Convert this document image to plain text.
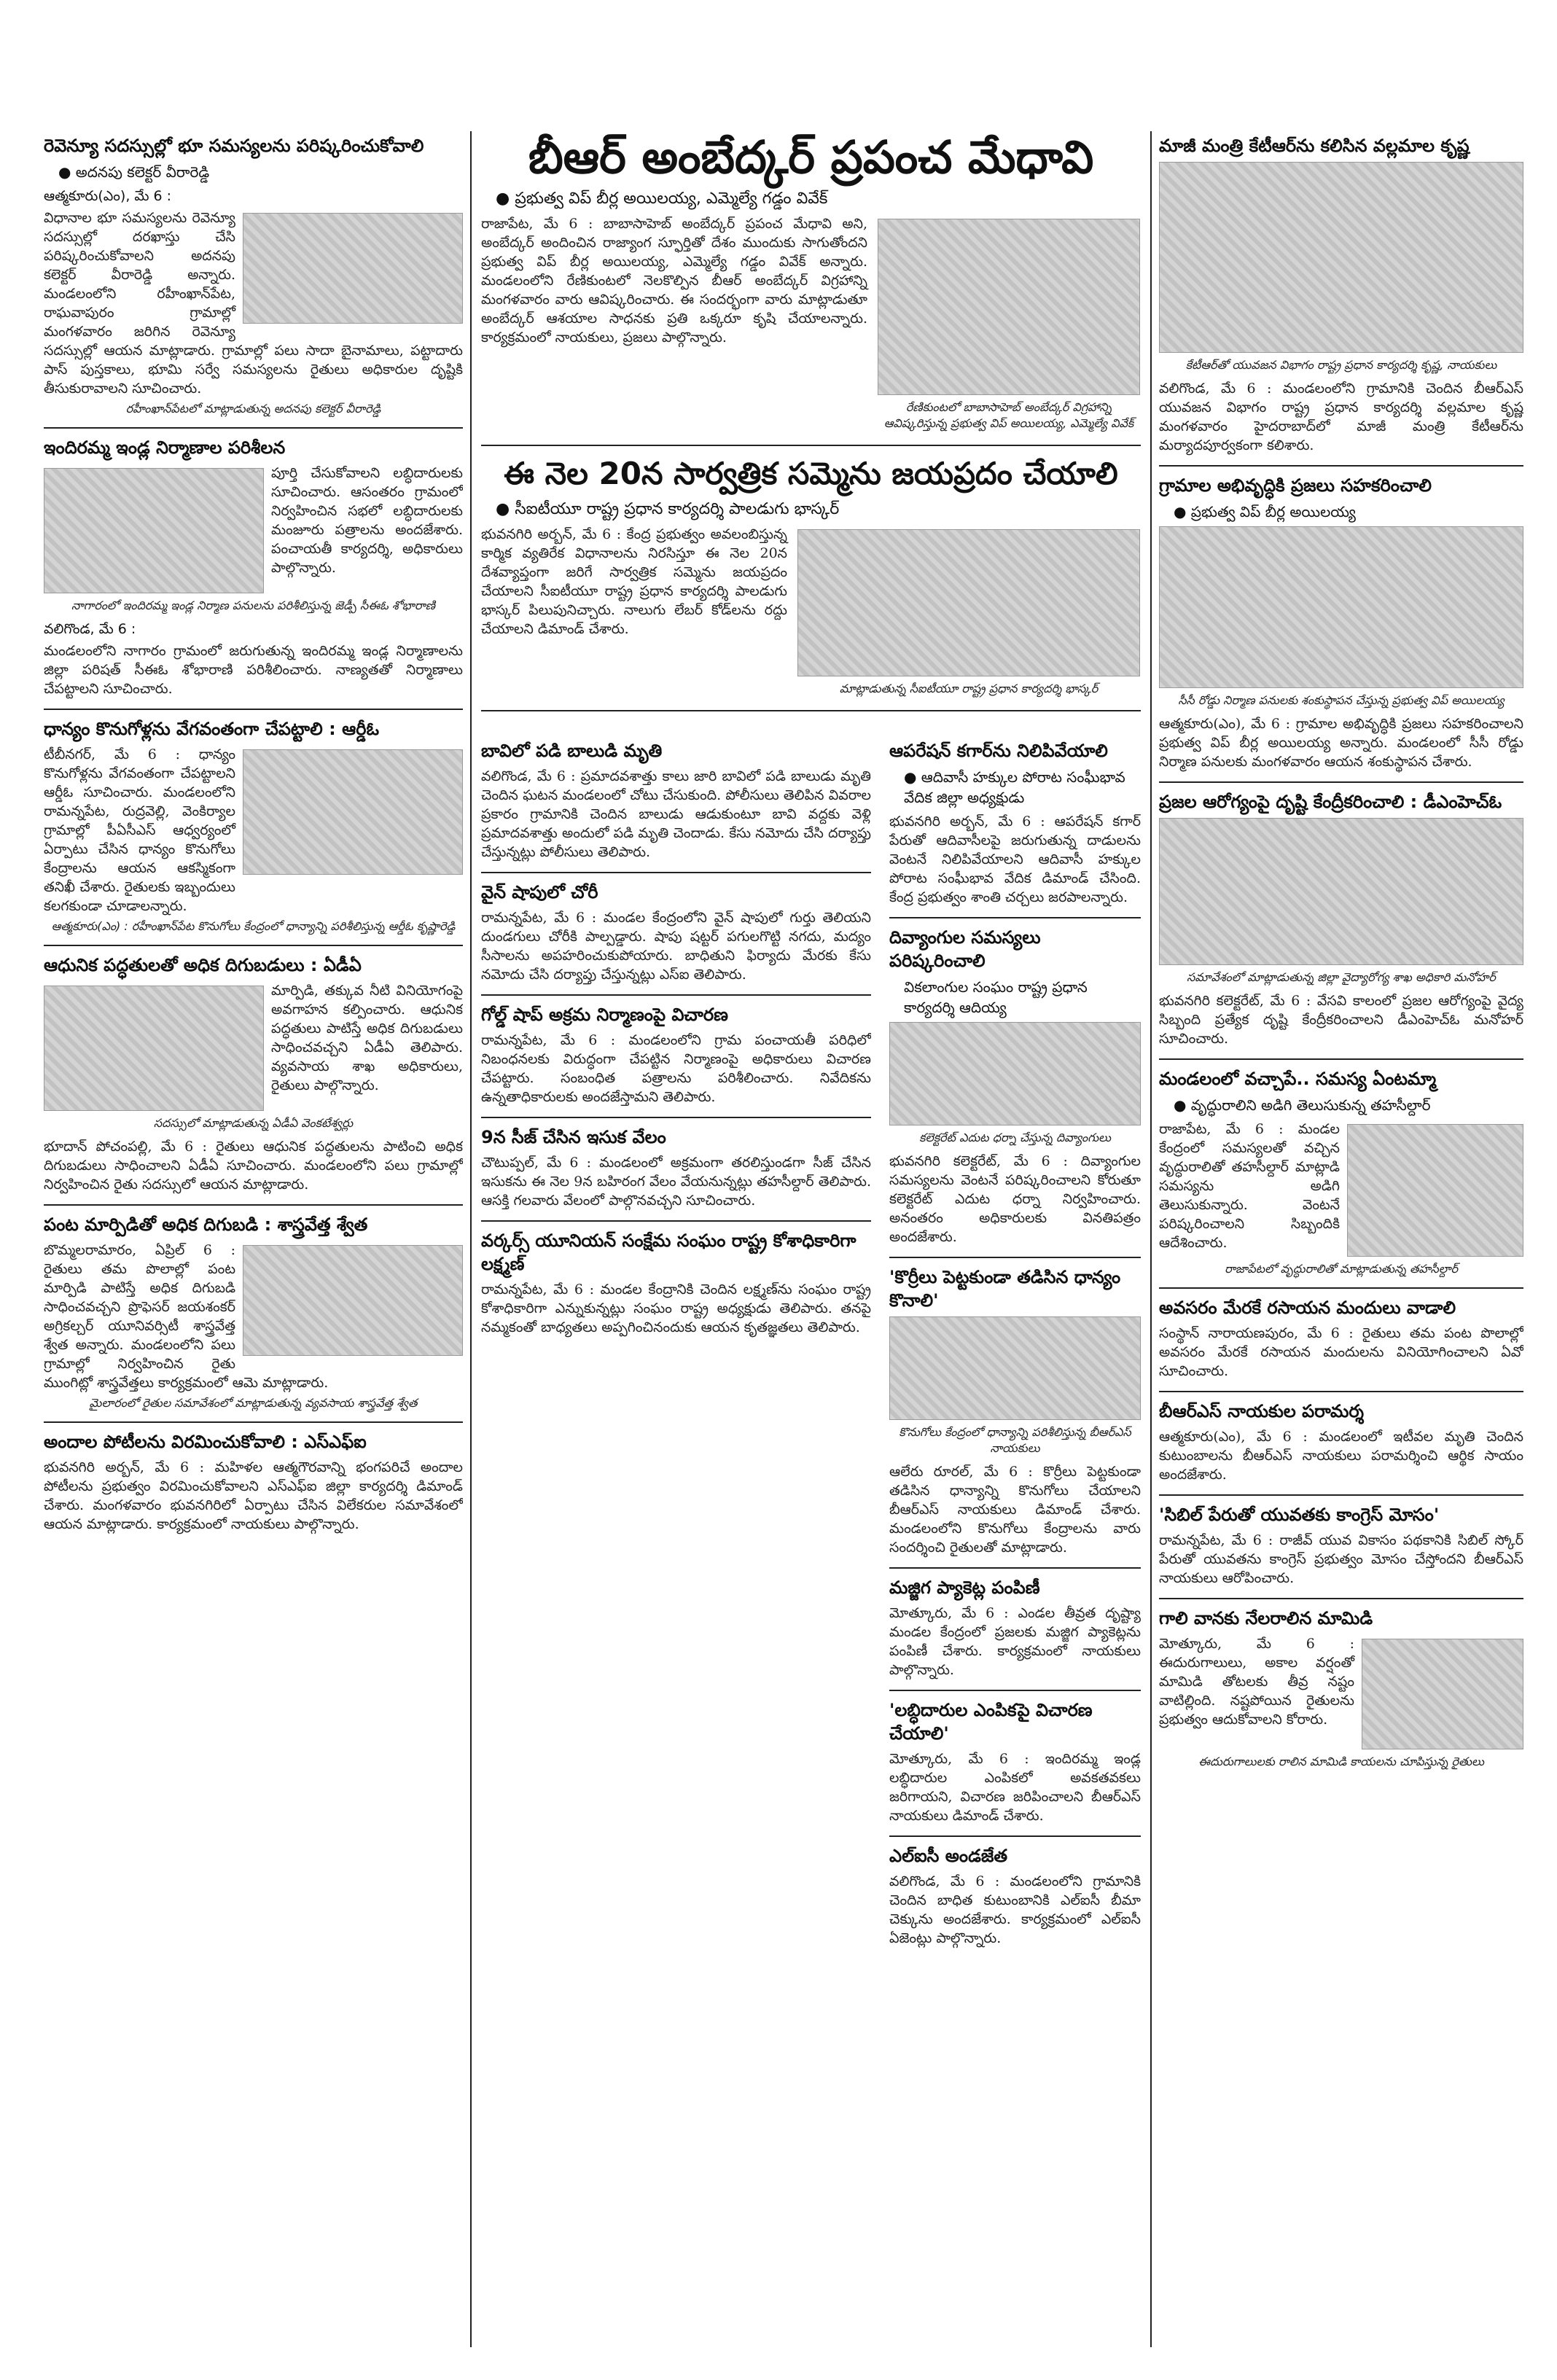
రెవెన్యూ సదస్సుల్లో భూ సమస్యలను పరిష్కరించుకోవాలి
● అదనపు కలెక్టర్ వీరారెడ్డి
ఆత్మకూరు(ఎం), మే 6 :

విధానాల భూ సమస్యలను రెవెన్యూ సదస్సుల్లో దరఖాస్తు చేసి పరిష్కరించుకోవాలని అదనపు కలెక్టర్ వీరారెడ్డి అన్నారు. మండలంలోని రహీంఖాన్‌పేట, రాఘవాపురం గ్రామాల్లో మంగళవారం జరిగిన రెవెన్యూ సదస్సుల్లో ఆయన మాట్లాడారు. గ్రామాల్లో పలు సాదా బైనామాలు, పట్టాదారు పాస్ పుస్తకాలు, భూమి సర్వే సమస్యలను రైతులు అధికారుల దృష్టికి తీసుకురావాలని సూచించారు.

రహీంఖాన్‌పేటలో మాట్లాడుతున్న అదనపు కలెక్టర్ వీరారెడ్డి
ఇందిరమ్మ ఇండ్ల నిర్మాణాల పరిశీలన

పూర్తి చేసుకోవాలని లబ్ధిదారులకు సూచించారు. ఆసంతరం గ్రామంలో నిర్వహించిన సభలో లబ్ధిదారులకు మంజూరు పత్రాలను అందజేశారు. పంచాయతీ కార్యదర్శి, అధికారులు పాల్గొన్నారు.

నాగారంలో ఇందిరమ్మ ఇండ్ల నిర్మాణ పనులను పరిశీలిస్తున్న జెడ్పీ సీఈఓ శోభారాణి
వలిగొండ, మే 6 :

మండలంలోని నాగారం గ్రామంలో జరుగుతున్న ఇందిరమ్మ ఇండ్ల నిర్మాణాలను జిల్లా పరిషత్ సీఈఓ శోభారాణి పరిశీలించారు. నాణ్యతతో నిర్మాణాలు చేపట్టాలని సూచించారు.

ధాన్యం కొనుగోళ్లను వేగవంతంగా చేపట్టాలి : ఆర్డీఓ

టీబీనగర్, మే 6 : ధాన్యం కొనుగోళ్లను వేగవంతంగా చేపట్టాలని ఆర్డీఓ సూచించారు. మండలంలోని రామన్నపేట, రుద్రవెల్లి, వెంకిర్యాల గ్రామాల్లో పీఏసీఎస్ ఆధ్వర్యంలో ఏర్పాటు చేసిన ధాన్యం కొనుగోలు కేంద్రాలను ఆయన ఆకస్మికంగా తనిఖీ చేశారు. రైతులకు ఇబ్బందులు కలగకుండా చూడాలన్నారు.

ఆత్మకూరు(ఎం) : రహీంఖాన్‌పేట కొనుగోలు కేంద్రంలో ధాన్యాన్ని పరిశీలిస్తున్న ఆర్డీఓ కృష్ణారెడ్డి
ఆధునిక పద్ధతులతో అధిక దిగుబడులు : ఏడీఏ

మార్పిడి, తక్కువ నీటి వినియోగంపై అవగాహన కల్పించారు. ఆధునిక పద్ధతులు పాటిస్తే అధిక దిగుబడులు సాధించవచ్చని ఏడీఏ తెలిపారు. వ్యవసాయ శాఖ అధికారులు, రైతులు పాల్గొన్నారు.

సదస్సులో మాట్లాడుతున్న ఏడీఏ వెంకటేశ్వర్లు

భూదాన్ పోచంపల్లి, మే 6 : రైతులు ఆధునిక పద్ధతులను పాటించి అధిక దిగుబడులు సాధించాలని ఏడీఏ సూచించారు. మండలంలోని పలు గ్రామాల్లో నిర్వహించిన రైతు సదస్సులో ఆయన మాట్లాడారు.

పంట మార్పిడితో అధిక దిగుబడి : శాస్త్రవేత్త శ్వేత

బొమ్మలరామారం, ఏప్రిల్ 6 : రైతులు తమ పొలాల్లో పంట మార్పిడి పాటిస్తే అధిక దిగుబడి సాధించవచ్చని ప్రొఫెసర్ జయశంకర్ అగ్రికల్చర్ యూనివర్సిటీ శాస్త్రవేత్త శ్వేత అన్నారు. మండలంలోని పలు గ్రామాల్లో నిర్వహించిన రైతు ముంగిట్లో శాస్త్రవేత్తలు కార్యక్రమంలో ఆమె మాట్లాడారు.

మైలారంలో రైతుల సమావేశంలో మాట్లాడుతున్న వ్యవసాయ శాస్త్రవేత్త శ్వేత
అందాల పోటీలను విరమించుకోవాలి : ఎస్‌ఎఫ్ఐ

భువనగిరి అర్బన్, మే 6 : మహిళల ఆత్మగౌరవాన్ని భంగపరిచే అందాల పోటీలను ప్రభుత్వం విరమించుకోవాలని ఎస్‌ఎఫ్ఐ జిల్లా కార్యదర్శి డిమాండ్ చేశారు. మంగళవారం భువనగిరిలో ఏర్పాటు చేసిన విలేకరుల సమావేశంలో ఆయన మాట్లాడారు. కార్యక్రమంలో నాయకులు పాల్గొన్నారు.

బీఆర్ అంబేద్కర్ ప్రపంచ మేధావి
● ప్రభుత్వ విప్ బీర్ల అయిలయ్య, ఎమ్మెల్యే గడ్డం వివేక్

రాజాపేట, మే 6 : బాబాసాహెబ్ అంబేద్కర్ ప్రపంచ మేధావి అని, అంబేద్కర్ అందించిన రాజ్యాంగ స్ఫూర్తితో దేశం ముందుకు సాగుతోందని ప్రభుత్వ విప్ బీర్ల అయిలయ్య, ఎమ్మెల్యే గడ్డం వివేక్ అన్నారు. మండలంలోని రేణికుంటలో నెలకొల్పిన బీఆర్ అంబేద్కర్ విగ్రహాన్ని మంగళవారం వారు ఆవిష్కరించారు. ఈ సందర్భంగా వారు మాట్లాడుతూ అంబేద్కర్ ఆశయాల సాధనకు ప్రతి ఒక్కరూ కృషి చేయాలన్నారు. కార్యక్రమంలో నాయకులు, ప్రజలు పాల్గొన్నారు.

రేణికుంటలో బాబాసాహెబ్ అంబేద్కర్ విగ్రహాన్ని ఆవిష్కరిస్తున్న ప్రభుత్వ విప్ అయిలయ్య, ఎమ్మెల్యే వివేక్
ఈ నెల 20న సార్వత్రిక సమ్మెను జయప్రదం చేయాలి
● సీఐటీయూ రాష్ట్ర ప్రధాన కార్యదర్శి పాలడుగు భాస్కర్

భువనగిరి అర్బన్, మే 6 : కేంద్ర ప్రభుత్వం అవలంబిస్తున్న కార్మిక వ్యతిరేక విధానాలను నిరసిస్తూ ఈ నెల 20న దేశవ్యాప్తంగా జరిగే సార్వత్రిక సమ్మెను జయప్రదం చేయాలని సీఐటీయూ రాష్ట్ర ప్రధాన కార్యదర్శి పాలడుగు భాస్కర్ పిలుపునిచ్చారు. నాలుగు లేబర్ కోడ్‌లను రద్దు చేయాలని డిమాండ్ చేశారు.

మాట్లాడుతున్న సీఐటీయూ రాష్ట్ర ప్రధాన కార్యదర్శి భాస్కర్
బావిలో పడి బాలుడి మృతి

వలిగొండ, మే 6 : ప్రమాదవశాత్తు కాలు జారి బావిలో పడి బాలుడు మృతి చెందిన ఘటన మండలంలో చోటు చేసుకుంది. పోలీసులు తెలిపిన వివరాల ప్రకారం గ్రామానికి చెందిన బాలుడు ఆడుకుంటూ బావి వద్దకు వెళ్లి ప్రమాదవశాత్తు అందులో పడి మృతి చెందాడు. కేసు నమోదు చేసి దర్యాప్తు చేస్తున్నట్లు పోలీసులు తెలిపారు.

వైన్ షాపులో చోరీ

రామన్నపేట, మే 6 : మండల కేంద్రంలోని వైన్ షాపులో గుర్తు తెలియని దుండగులు చోరీకి పాల్పడ్డారు. షాపు షట్టర్ పగులగొట్టి నగదు, మద్యం సీసాలను అపహరించుకుపోయారు. బాధితుని ఫిర్యాదు మేరకు కేసు నమోదు చేసి దర్యాప్తు చేస్తున్నట్లు ఎస్ఐ తెలిపారు.

గోల్డ్ షాప్ అక్రమ నిర్మాణంపై విచారణ

రామన్నపేట, మే 6 : మండలంలోని గ్రామ పంచాయతీ పరిధిలో నిబంధనలకు విరుద్ధంగా చేపట్టిన నిర్మాణంపై అధికారులు విచారణ చేపట్టారు. సంబంధిత పత్రాలను పరిశీలించారు. నివేదికను ఉన్నతాధికారులకు అందజేస్తామని తెలిపారు.

9న సీజ్ చేసిన ఇసుక వేలం

చౌటుప్పల్, మే 6 : మండలంలో అక్రమంగా తరలిస్తుండగా సీజ్ చేసిన ఇసుకను ఈ నెల 9న బహిరంగ వేలం వేయనున్నట్లు తహసీల్దార్ తెలిపారు. ఆసక్తి గలవారు వేలంలో పాల్గొనవచ్చని సూచించారు.

వర్కర్స్ యూనియన్ సంక్షేమ సంఘం రాష్ట్ర కోశాధికారిగా లక్ష్మణ్

రామన్నపేట, మే 6 : మండల కేంద్రానికి చెందిన లక్ష్మణ్‌ను సంఘం రాష్ట్ర కోశాధికారిగా ఎన్నుకున్నట్లు సంఘం రాష్ట్ర అధ్యక్షుడు తెలిపారు. తనపై నమ్మకంతో బాధ్యతలు అప్పగించినందుకు ఆయన కృతజ్ఞతలు తెలిపారు.

ఆపరేషన్ కగార్‌ను నిలిపివేయాలి
● ఆదివాసీ హక్కుల పోరాట సంఘీభావ వేదిక జిల్లా అధ్యక్షుడు

భువనగిరి అర్బన్, మే 6 : ఆపరేషన్ కగార్ పేరుతో ఆదివాసీలపై జరుగుతున్న దాడులను వెంటనే నిలిపివేయాలని ఆదివాసీ హక్కుల పోరాట సంఘీభావ వేదిక డిమాండ్ చేసింది. కేంద్ర ప్రభుత్వం శాంతి చర్చలు జరపాలన్నారు.

దివ్యాంగుల సమస్యలు పరిష్కరించాలి
వికలాంగుల సంఘం రాష్ట్ర ప్రధాన కార్యదర్శి ఆదియ్య
కలెక్టరేట్ ఎదుట ధర్నా చేస్తున్న దివ్యాంగులు

భువనగిరి కలెక్టరేట్, మే 6 : దివ్యాంగుల సమస్యలను వెంటనే పరిష్కరించాలని కోరుతూ కలెక్టరేట్ ఎదుట ధర్నా నిర్వహించారు. అనంతరం అధికారులకు వినతిపత్రం అందజేశారు.

'కొర్రీలు పెట్టకుండా తడిసిన ధాన్యం కొనాలి'
కొనుగోలు కేంద్రంలో ధాన్యాన్ని పరిశీలిస్తున్న బీఆర్ఎస్ నాయకులు

ఆలేరు రూరల్, మే 6 : కొర్రీలు పెట్టకుండా తడిసిన ధాన్యాన్ని కొనుగోలు చేయాలని బీఆర్ఎస్ నాయకులు డిమాండ్ చేశారు. మండలంలోని కొనుగోలు కేంద్రాలను వారు సందర్శించి రైతులతో మాట్లాడారు.

మజ్జిగ ప్యాకెట్ల పంపిణీ

మోత్కూరు, మే 6 : ఎండల తీవ్రత దృష్ట్యా మండల కేంద్రంలో ప్రజలకు మజ్జిగ ప్యాకెట్లను పంపిణీ చేశారు. కార్యక్రమంలో నాయకులు పాల్గొన్నారు.

'లబ్ధిదారుల ఎంపికపై విచారణ చేయాలి'

మోత్కూరు, మే 6 : ఇందిరమ్మ ఇండ్ల లబ్ధిదారుల ఎంపికలో అవకతవకలు జరిగాయని, విచారణ జరిపించాలని బీఆర్ఎస్ నాయకులు డిమాండ్ చేశారు.

ఎల్ఐసీ అండజేత

వలిగొండ, మే 6 : మండలంలోని గ్రామానికి చెందిన బాధిత కుటుంబానికి ఎల్ఐసీ బీమా చెక్కును అందజేశారు. కార్యక్రమంలో ఎల్ఐసీ ఏజెంట్లు పాల్గొన్నారు.

మాజీ మంత్రి కేటీఆర్‌ను కలిసిన వల్లమాల కృష్ణ
కేటీఆర్‌తో యువజన విభాగం రాష్ట్ర ప్రధాన కార్యదర్శి కృష్ణ, నాయకులు

వలిగొండ, మే 6 : మండలంలోని గ్రామానికి చెందిన బీఆర్ఎస్ యువజన విభాగం రాష్ట్ర ప్రధాన కార్యదర్శి వల్లమాల కృష్ణ మంగళవారం హైదరాబాద్‌లో మాజీ మంత్రి కేటీఆర్‌ను మర్యాదపూర్వకంగా కలిశారు.

గ్రామాల అభివృద్ధికి ప్రజలు సహకరించాలి
● ప్రభుత్వ విప్ బీర్ల అయిలయ్య
సీసీ రోడ్డు నిర్మాణ పనులకు శంకుస్థాపన చేస్తున్న ప్రభుత్వ విప్ అయిలయ్య

ఆత్మకూరు(ఎం), మే 6 : గ్రామాల అభివృద్ధికి ప్రజలు సహకరించాలని ప్రభుత్వ విప్ బీర్ల అయిలయ్య అన్నారు. మండలంలో సీసీ రోడ్డు నిర్మాణ పనులకు మంగళవారం ఆయన శంకుస్థాపన చేశారు.

ప్రజల ఆరోగ్యంపై దృష్టి కేంద్రీకరించాలి : డీఎంహెచ్ఓ
సమావేశంలో మాట్లాడుతున్న జిల్లా వైద్యారోగ్య శాఖ అధికారి మనోహర్

భువనగిరి కలెక్టరేట్, మే 6 : వేసవి కాలంలో ప్రజల ఆరోగ్యంపై వైద్య సిబ్బంది ప్రత్యేక దృష్టి కేంద్రీకరించాలని డీఎంహెచ్ఓ మనోహర్ సూచించారు.

మండలంలో వచ్చాపే.. సమస్య ఏంటమ్మా
● వృద్ధురాలిని అడిగి తెలుసుకున్న తహసీల్దార్

రాజాపేట, మే 6 : మండల కేంద్రంలో సమస్యలతో వచ్చిన వృద్ధురాలితో తహసీల్దార్ మాట్లాడి సమస్యను అడిగి తెలుసుకున్నారు. వెంటనే పరిష్కరించాలని సిబ్బందికి ఆదేశించారు.

రాజాపేటలో వృద్ధురాలితో మాట్లాడుతున్న తహసీల్దార్
అవసరం మేరకే రసాయన మందులు వాడాలి

సంస్థాన్ నారాయణపురం, మే 6 : రైతులు తమ పంట పొలాల్లో అవసరం మేరకే రసాయన మందులను వినియోగించాలని ఏవో సూచించారు.

బీఆర్ఎస్ నాయకుల పరామర్శ

ఆత్మకూరు(ఎం), మే 6 : మండలంలో ఇటీవల మృతి చెందిన కుటుంబాలను బీఆర్ఎస్ నాయకులు పరామర్శించి ఆర్థిక సాయం అందజేశారు.

'సిబిల్ పేరుతో యువతకు కాంగ్రెస్ మోసం'

రామన్నపేట, మే 6 : రాజీవ్ యువ వికాసం పథకానికి సిబిల్ స్కోర్ పేరుతో యువతను కాంగ్రెస్ ప్రభుత్వం మోసం చేస్తోందని బీఆర్ఎస్ నాయకులు ఆరోపించారు.

గాలి వానకు నేలరాలిన మామిడి

మోత్కూరు, మే 6 : ఈదురుగాలులు, అకాల వర్షంతో మామిడి తోటలకు తీవ్ర నష్టం వాటిల్లింది. నష్టపోయిన రైతులను ప్రభుత్వం ఆదుకోవాలని కోరారు.

ఈదురుగాలులకు రాలిన మామిడి కాయలను చూపిస్తున్న రైతులు
